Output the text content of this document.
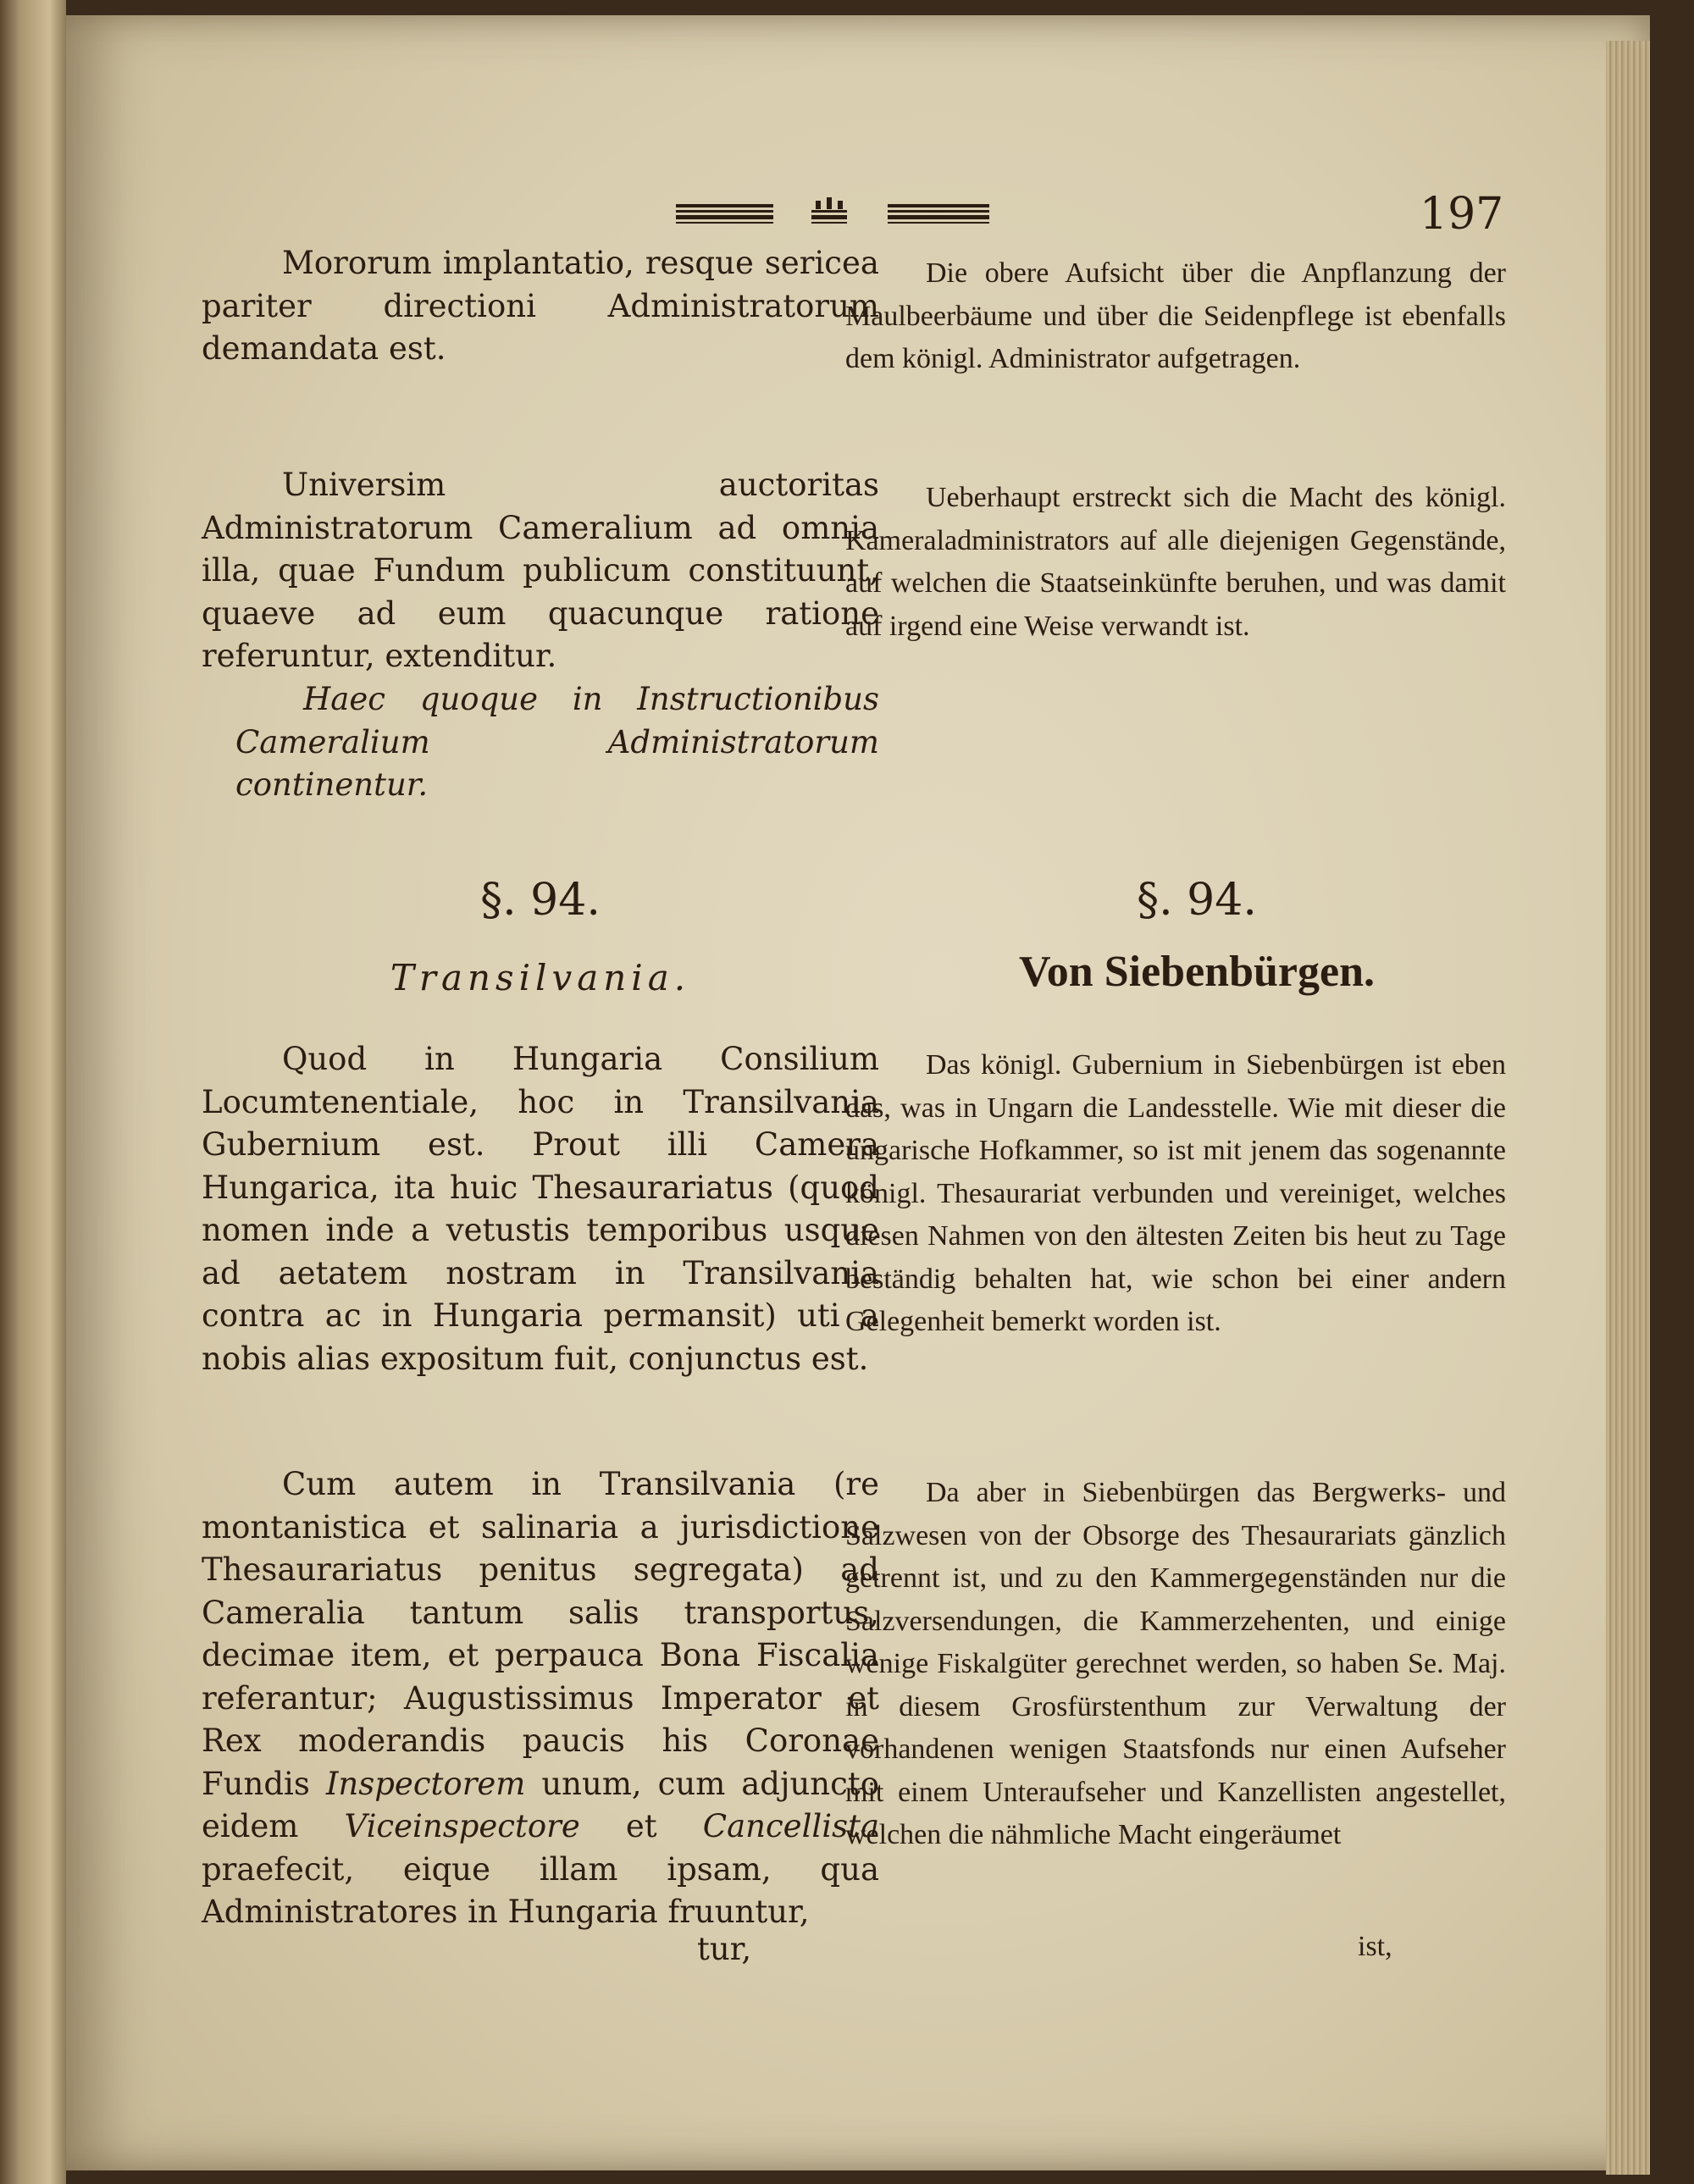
197

Mororum implantatio, resque sericea pariter directioni Administratorum demandata est.

Universim auctoritas Administratorum Cameralium ad omnia illa, quae Fundum publicum constituunt, quaeve ad eum quacunque ratione referuntur, extenditur.

Haec quoque in Instructionibus Cameralium Administratorum continentur.

Die obere Aufsicht über die Anpflanzung der Maulbeerbäume und über die Seidenpflege ist ebenfalls dem königl. Administrator aufgetragen.

Ueberhaupt erstreckt sich die Macht des königl. Kameraladministrators auf alle diejenigen Gegenstände, auf welchen die Staatseinkünfte beruhen, und was damit auf irgend eine Weise verwandt ist.

§. 94.	§. 94.
Transilvania.	Von Siebenbürgen.

Quod in Hungaria Consilium Locumtenentiale, hoc in Transilvania Gubernium est. Prout illi Camera Hungarica, ita huic Thesaurariatus (quod nomen inde a vetustis temporibus usque ad aetatem nostram in Transilvania contra ac in Hungaria permansit) uti a nobis alias expositum fuit, conjunctus est.

Cum autem in Transilvania (re montanistica et salinaria a jurisdictione Thesaurariatus penitus segregata) ad Cameralia tantum salis transportus, decimae item, et perpauca Bona Fiscalia referantur; Augustissimus Imperator et Rex moderandis paucis his Coronae Fundis Inspectorem unum, cum adjuncto eidem Viceinspectore et Cancellista praefecit, eique illam ipsam, qua Administratores in Hungaria fruuntur,

tur,

Das königl. Gubernium in Siebenbürgen ist eben das, was in Ungarn die Landesstelle. Wie mit dieser die ungarische Hofkammer, so ist mit jenem das sogenannte königl. Thesaurariat verbunden und vereiniget, welches diesen Nahmen von den ältesten Zeiten bis heut zu Tage beständig behalten hat, wie schon bei einer andern Gelegenheit bemerkt worden ist.

Da aber in Siebenbürgen das Bergwerks- und Salzwesen von der Obsorge des Thesaurariats gänzlich getrennt ist, und zu den Kammergegenständen nur die Salzversendungen, die Kammerzehenten, und einige wenige Fiskalgüter gerechnet werden, so haben Se. Maj. in diesem Grosfürstenthum zur Verwaltung der vorhandenen wenigen Staatsfonds nur einen Aufseher mit einem Unteraufseher und Kanzellisten angestellet, welchen die nähmliche Macht eingeräumet

ist,
